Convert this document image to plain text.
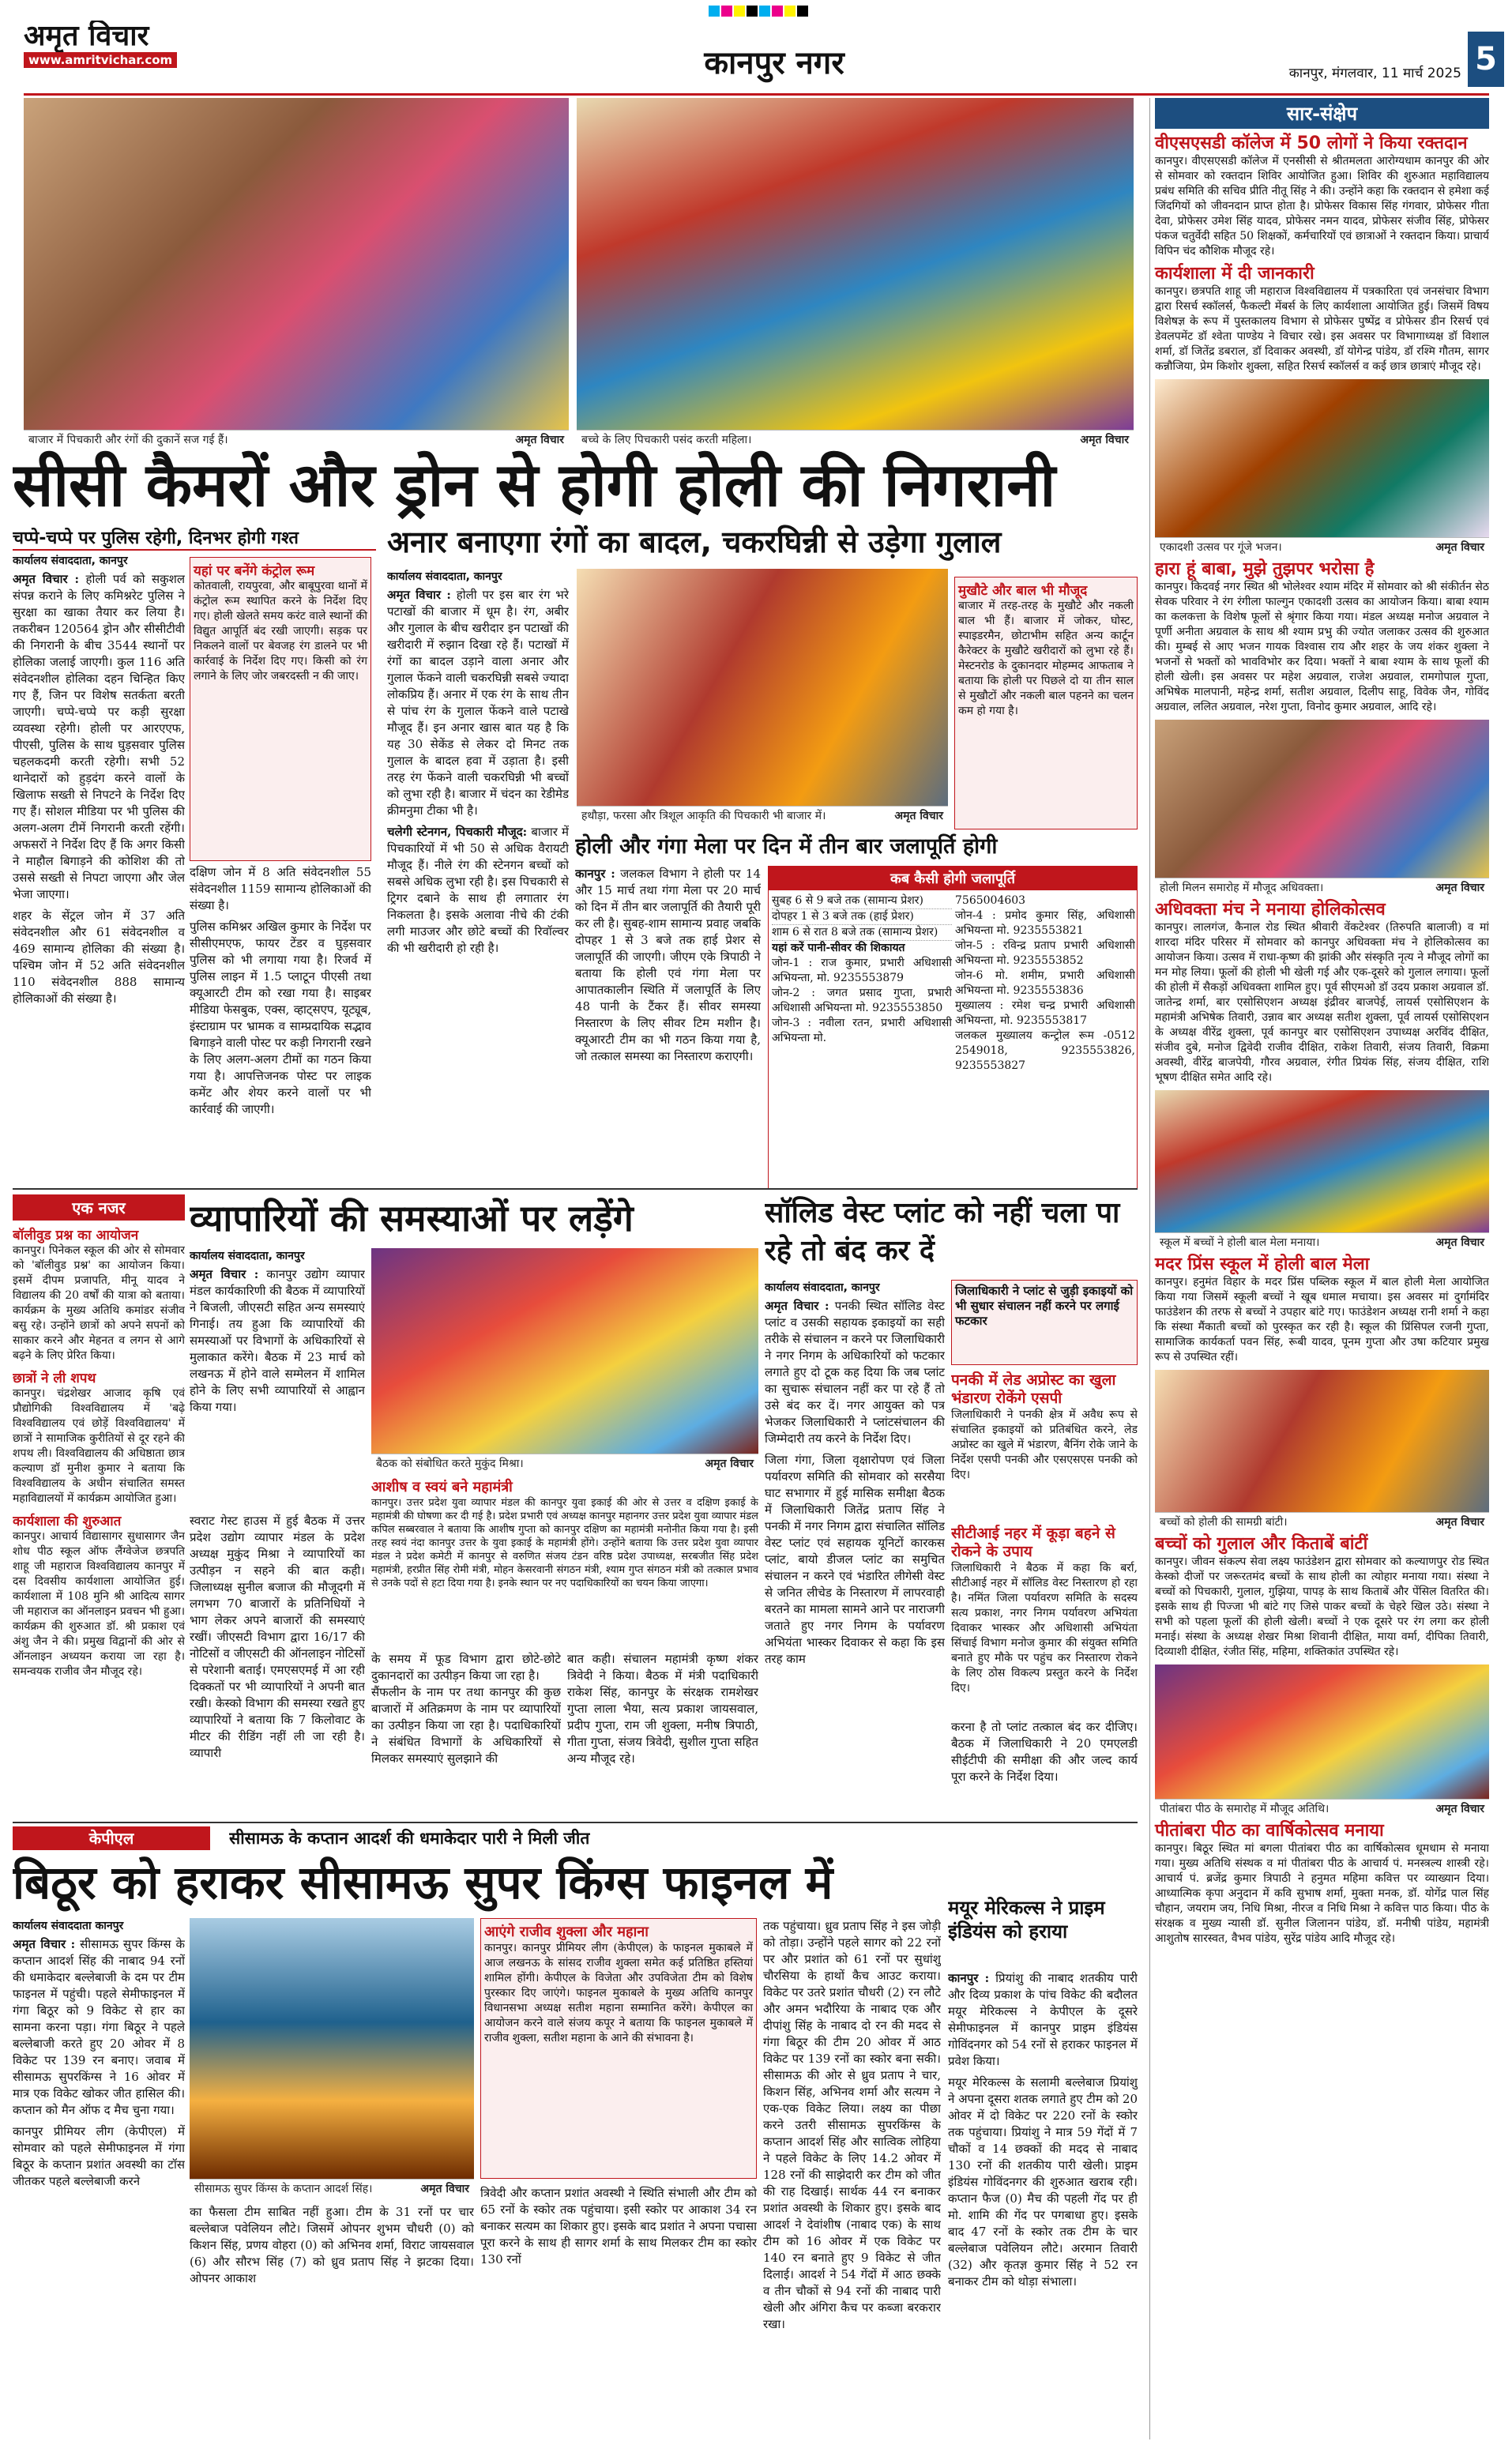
अमृत विचार
www.amritvichar.com	कानपुर नगर	कानपुर, मंगलवार, 11 मार्च 2025 5
बाजार में पिचकारी और रंगों की दुकानें सज गई हैं।	अमृत विचार	बच्चे के लिए पिचकारी पसंद करती महिला।	अमृत विचार
सीसी कैमरों और ड्रोन से होगी होली की निगरानी
चप्पे-चप्पे पर पुलिस रहेगी, दिनभर होगी गश्त
कार्यालय संवाददाता, कानपुर
अमृत विचार : होली पर्व को सकुशल संपन्न कराने के लिए कमिश्नरेट पुलिस ने सुरक्षा का खाका तैयार कर लिया है। तकरीबन 120564 ड्रोन और सीसीटीवी की निगरानी के बीच 3544 स्थानों पर होलिका जलाई जाएगी। कुल 116 अति संवेदनशील होलिका दहन चिन्हित किए गए हैं, जिन पर विशेष सतर्कता बरती जाएगी। चप्पे-चप्पे पर कड़ी सुरक्षा व्यवस्था रहेगी। होली पर आरएएफ, पीएसी, पुलिस के साथ घुड़सवार पुलिस चहलकदमी करती रहेगी। सभी 52 थानेदारों को हुड़दंग करने वालों के खिलाफ सख्ती से निपटने के निर्देश दिए गए हैं। सोशल मीडिया पर भी पुलिस की अलग-अलग टीमें निगरानी करती रहेंगी। अफसरों ने निर्देश दिए हैं कि अगर किसी ने माहौल बिगाड़ने की कोशिश की तो उससे सख्ती से निपटा जाएगा और जेल भेजा जाएगा।
शहर के सेंट्रल जोन में 37 अति संवेदनशील और 61 संवेदनशील व 469 सामान्य होलिका की संख्या है। पश्चिम जोन में 52 अति संवेदनशील 110 संवेदनशील 888 सामान्य होलिकाओं की संख्या है।
यहां पर बनेंगे कंट्रोल रूम
कोतवाली, रायपुरवा, और बाबूपुरवा थानों में कंट्रोल रूम स्थापित करने के निर्देश दिए गए। होली खेलते समय करंट वाले स्थानों की विद्युत आपूर्ति बंद रखी जाएगी। सड़क पर निकलने वालों पर बेवजह रंग डालने पर भी कार्रवाई के निर्देश दिए गए। किसी को रंग लगाने के लिए जोर जबरदस्ती न की जाए।
दक्षिण जोन में 8 अति संवेदनशील 55 संवेदनशील 1159 सामान्य होलिकाओं की संख्या है।
पुलिस कमिश्नर अखिल कुमार के निर्देश पर सीसीएमएफ, फायर टेंडर व घुड़सवार पुलिस को भी लगाया गया है। रिजर्व में पुलिस लाइन में 1.5 प्लाटून पीएसी तथा क्यूआरटी टीम को रखा गया है। साइबर मीडिया फेसबुक, एक्स, व्हाट्सएप, यूट्यूब, इंस्टाग्राम पर भ्रामक व साम्प्रदायिक सद्भाव बिगाड़ने वाली पोस्ट पर कड़ी निगरानी रखने के लिए अलग-अलग टीमों का गठन किया गया है। आपत्तिजनक पोस्ट पर लाइक कमेंट और शेयर करने वालों पर भी कार्रवाई की जाएगी।
अनार बनाएगा रंगों का बादल, चकरघिन्नी से उड़ेगा गुलाल
कार्यालय संवाददाता, कानपुर
अमृत विचार : होली पर इस बार रंग भरे पटाखों की बाजार में धूम है। रंग, अबीर और गुलाल के बीच खरीदार इन पटाखों की खरीदारी में रुझान दिखा रहे हैं। पटाखों में रंगों का बादल उड़ाने वाला अनार और गुलाल फेंकने वाली चकरघिन्नी सबसे ज्यादा लोकप्रिय हैं। अनार में एक रंग के साथ तीन से पांच रंग के गुलाल फेंकने वाले पटाखे मौजूद हैं। इन अनार खास बात यह है कि यह 30 सेकेंड से लेकर दो मिनट तक गुलाल के बादल हवा में उड़ाता है। इसी तरह रंग फेंकने वाली चकरघिन्नी भी बच्चों को लुभा रही है। बाजार में चंदन का रेडीमेड क्रीमनुमा टीका भी है।
चलेगी स्टेनगन, पिचकारी मौजूद: बाजार में पिचकारियों में भी 50 से अधिक वैरायटी मौजूद हैं। नीले रंग की स्टेनगन बच्चों को सबसे अधिक लुभा रही है। इस पिचकारी से ट्रिगर दबाने के साथ ही लगातार रंग निकलता है। इसके अलावा नीचे की टंकी लगी माउजर और छोटे बच्चों की रिवॉल्वर की भी खरीदारी हो रही है।
हथौड़ा, फरसा और त्रिशूल आकृति की पिचकारी भी बाजार में।	अमृत विचार
मुखौटे और बाल भी मौजूद
बाजार में तरह-तरह के मुखौटे और नकली बाल भी हैं। बाजार में जोकर, घोस्ट, स्पाइडरमैन, छोटाभीम सहित अन्य कार्टून कैरेक्टर के मुखौटे खरीदारों को लुभा रहे हैं। मेस्टनरोड के दुकानदार मोहम्मद आफताब ने बताया कि होली पर पिछले दो या तीन साल से मुखौटों और नकली बाल पहनने का चलन कम हो गया है।
होली और गंगा मेला पर दिन में तीन बार जलापूर्ति होगी
कानपुर : जलकल विभाग ने होली पर 14 और 15 मार्च तथा गंगा मेला पर 20 मार्च को दिन में तीन बार जलापूर्ति की तैयारी पूरी कर ली है। सुबह-शाम सामान्य प्रवाह जबकि दोपहर 1 से 3 बजे तक हाई प्रेशर से जलापूर्ति की जाएगी। जीएम एके त्रिपाठी ने बताया कि होली एवं गंगा मेला पर आपातकालीन स्थिति में जलापूर्ति के लिए 48 पानी के टैंकर हैं। सीवर समस्या निस्तारण के लिए सीवर टिम मशीन है। क्यूआरटी टीम का भी गठन किया गया है, जो तत्काल समस्या का निस्तारण कराएगी।
कब कैसी होगी जलापूर्ति
सुबह 6 से 9 बजे तक (सामान्य प्रेशर)
दोपहर 1 से 3 बजे तक (हाई प्रेशर)
शाम 6 से रात 8 बजे तक (सामान्य प्रेशर)
यहां करें पानी-सीवर की शिकायत
जोन-1 : राज कुमार, प्रभारी अधिशासी अभियन्ता, मो. 9235553879
जोन-2 : जगत प्रसाद गुप्ता, प्रभारी अधिशासी अभियन्ता मो. 9235553850
जोन-3 : नवीला रतन, प्रभारी अधिशासी अभियन्ता मो.
7565004603
जोन-4 : प्रमोद कुमार सिंह, अधिशासी अभियन्ता मो. 9235553821
जोन-5 : रविन्द्र प्रताप प्रभारी अधिशासी अभियन्ता मो. 9235553852
जोन-6 मो. शमीम, प्रभारी अधिशासी अभियन्ता मो. 9235553836
मुख्यालय : रमेश चन्द्र प्रभारी अधिशासी अभियन्ता, मो. 9235553817
जलकल मुख्यालय कन्ट्रोल रूम -0512 2549018, 9235553826, 9235553827
एक नजर
बॉलीवुड प्रश्न का आयोजन
कानपुर। पिनेकल स्कूल की ओर से सोमवार को 'बॉलीवुड प्रश्न' का आयोजन किया। इसमें दीपम प्रजापति, मीनू यादव ने विद्यालय की 20 वर्षों की यात्रा को बताया। कार्यक्रम के मुख्य अतिथि कमांडर संजीव बसु रहे। उन्होंने छात्रों को अपने सपनों को साकार करने और मेहनत व लगन से आगे बढ़ने के लिए प्रेरित किया।
छात्रों ने ली शपथ
कानपुर। चंद्रशेखर आजाद कृषि एवं प्रौद्योगिकी विश्वविद्यालय में 'बढ़े विश्वविद्यालय एवं छोड़ें विश्वविद्यालय' में छात्रों ने सामाजिक कुरीतियों से दूर रहने की शपथ ली। विश्वविद्यालय की अधिष्ठाता छात्र कल्याण डॉ मुनीश कुमार ने बताया कि विश्वविद्यालय के अधीन संचालित समस्त महाविद्यालयों में कार्यक्रम आयोजित हुआ।
कार्यशाला की शुरुआत
कानपुर। आचार्य विद्यासागर सुधासागर जैन शोध पीठ स्कूल ऑफ लैंग्वेजेज छत्रपति शाहू जी महाराज विश्वविद्यालय कानपुर में दस दिवसीय कार्यशाला आयोजित हुई। कार्यशाला में 108 मुनि श्री आदित्य सागर जी महाराज का ऑनलाइन प्रवचन भी हुआ। कार्यक्रम की शुरुआत डॉ. श्री प्रकाश एवं अंशु जैन ने की। प्रमुख विद्वानों की ओर से ऑनलाइन अध्ययन कराया जा रहा है। समन्वयक राजीव जैन मौजूद रहे।
व्यापारियों की समस्याओं पर लड़ेंगे
कार्यालय संवाददाता, कानपुर
अमृत विचार : कानपुर उद्योग व्यापार मंडल कार्यकारिणी की बैठक में व्यापारियों ने बिजली, जीएसटी सहित अन्य समस्याएं गिनाई। तय हुआ कि व्यापारियों की समस्याओं पर विभागों के अधिकारियों से मुलाकात करेंगे। बैठक में 23 मार्च को लखनऊ में होने वाले सम्मेलन में शामिल होने के लिए सभी व्यापारियों से आह्वान किया गया।
बैठक को संबोधित करते मुकुंद मिश्रा।	अमृत विचार
स्वराट गेस्ट हाउस में हुई बैठक में उत्तर प्रदेश उद्योग व्यापार मंडल के प्रदेश अध्यक्ष मुकुंद मिश्रा ने व्यापारियों का उत्पीड़न न सहने की बात कही। जिलाध्यक्ष सुनील बजाज की मौजूदगी में लगभग 70 बाजारों के प्रतिनिधियों ने भाग लेकर अपने बाजारों की समस्याएं रखीं। जीएसटी विभाग द्वारा 16/17 की नोटिसों व जीएसटी की ऑनलाइन नोटिसों से परेशानी बताई। एमएसएमई में आ रही दिक्कतों पर भी व्यापारियों ने अपनी बात रखी। केस्को विभाग की समस्या रखते हुए व्यापारियों ने बताया कि 7 किलोवाट के मीटर की रीडिंग नहीं ली जा रही है। व्यापारी
आशीष व स्वयं बने महामंत्री
कानपुर। उत्तर प्रदेश युवा व्यापार मंडल की कानपुर युवा इकाई की ओर से उत्तर व दक्षिण इकाई के महामंत्री की घोषणा कर दी गई है। प्रदेश प्रभारी एवं अध्यक्ष कानपुर महानगर उत्तर प्रदेश युवा व्यापार मंडल कपिल सब्बरवाल ने बताया कि आशीष गुप्ता को कानपुर दक्षिण का महामंत्री मनोनीत किया गया है। इसी तरह स्वयं नंदा कानपुर उत्तर के युवा इकाई के महामंत्री होंगे। उन्होंने बताया कि उत्तर प्रदेश युवा व्यापार मंडल ने प्रदेश कमेटी में कानपुर से वरुणित संजय टंडन वरिष्ठ प्रदेश उपाध्यक्ष, सरबजीत सिंह प्रदेश महामंत्री, हरप्रीत सिंह रोमी मंत्री, मोहन केसरवानी संगठन मंत्री, श्याम गुप्त संगठन मंत्री को तत्काल प्रभाव से उनके पदों से हटा दिया गया है। इनके स्थान पर नए पदाधिकारियों का चयन किया जाएगा।
के समय में फूड विभाग द्वारा छोटे-छोटे दुकानदारों का उत्पीड़न किया जा रहा है।
सैंफलीन के नाम पर तथा कानपुर की कुछ बाजारों में अतिक्रमण के नाम पर व्यापारियों का उत्पीड़न किया जा रहा है। पदाधिकारियों ने संबंधित विभागों के अधिकारियों से मिलकर समस्याएं सुलझाने की
बात कही। संचालन महामंत्री कृष्ण शंकर त्रिवेदी ने किया। बैठक में मंत्री पदाधिकारी राकेश सिंह, कानपुर के संरक्षक रामशेखर गुप्ता लाला भैया, सत्य प्रकाश जायसवाल, प्रदीप गुप्ता, राम जी शुक्ला, मनीष त्रिपाठी, गीता गुप्ता, संजय त्रिवेदी, सुशील गुप्ता सहित अन्य मौजूद रहे।
सॉलिड वेस्ट प्लांट को नहीं चला पा रहे तो बंद कर दें
कार्यालय संवाददाता, कानपुर
अमृत विचार : पनकी स्थित सॉलिड वेस्ट प्लांट व उसकी सहायक इकाइयों का सही तरीके से संचालन न करने पर जिलाधिकारी ने नगर निगम के अधिकारियों को फटकार लगाते हुए दो टूक कह दिया कि जब प्लांट का सुचारू संचालन नहीं कर पा रहे हैं तो उसे बंद कर दें। नगर आयुक्त को पत्र भेजकर जिलाधिकारी ने प्लांटसंचालन की जिम्मेदारी तय करने के निर्देश दिए।
जिला गंगा, जिला वृक्षारोपण एवं जिला पर्यावरण समिति की सोमवार को सरसैया घाट सभागार में हुई मासिक समीक्षा बैठक में जिलाधिकारी जितेंद्र प्रताप सिंह ने पनकी में नगर निगम द्वारा संचालित सॉलिड वेस्ट प्लांट एवं सहायक यूनिटों कारकस प्लांट, बायो डीजल प्लांट का समुचित संचालन न करने एवं भंडारित लीगेसी वेस्ट से जनित लीचेड के निस्तारण में लापरवाही बरतने का मामला सामने आने पर नाराजगी जताते हुए नगर निगम के पर्यावरण अभियंता भास्कर दिवाकर से कहा कि इस तरह काम
जिलाधिकारी ने प्लांट से जुड़ी इकाइयों को भी सुधार संचालन नहीं करने पर लगाई फटकार
पनकी में लेड अप्रोस्ट का खुला भंडारण रोकेंगे एसपी
जिलाधिकारी ने पनकी क्षेत्र में अवैध रूप से संचालित इकाइयों को प्रतिबंधित करने, लेड अप्रोस्ट का खुले में भंडारण, बैनिंग रोके जाने के निर्देश एसपी पनकी और एसएसएस पनकी को दिए।
सीटीआई नहर में कूड़ा बहने से रोकने के उपाय
जिलाधिकारी ने बैठक में कहा कि बर्रा, सीटीआई नहर में सॉलिड वेस्ट निस्तारण हो रहा है। नमिंत जिला पर्यावरण समिति के सदस्य सत्य प्रकाश, नगर निगम पर्यावरण अभियंता दिवाकर भास्कर और अधिशासी अभियंता सिंचाई विभाग मनोज कुमार की संयुक्त समिति बनाते हुए मौके पर पहुंच कर निस्तारण रोकने के लिए ठोस विकल्प प्रस्तुत करने के निर्देश दिए।
करना है तो प्लांट तत्काल बंद कर दीजिए। बैठक में जिलाधिकारी ने 20 एमएलडी सीईटीपी की समीक्षा की और जल्द कार्य पूरा करने के निर्देश दिया।
केपीएल	सीसामऊ के कप्तान आदर्श की धमाकेदार पारी ने मिली जीत
बिठूर को हराकर सीसामऊ सुपर किंग्स फाइनल में
कार्यालय संवाददाता कानपुर
अमृत विचार : सीसामऊ सुपर किंग्स के कप्तान आदर्श सिंह की नाबाद 94 रनों की धमाकेदार बल्लेबाजी के दम पर टीम फाइनल में पहुंची। पहले सेमीफाइनल में गंगा बिठूर को 9 विकेट से हार का सामना करना पड़ा। गंगा बिठूर ने पहले बल्लेबाजी करते हुए 20 ओवर में 8 विकेट पर 139 रन बनाए। जवाब में सीसामऊ सुपरकिंग्स ने 16 ओवर में मात्र एक विकेट खोकर जीत हासिल की। कप्तान को मैन ऑफ द मैच चुना गया।
कानपुर प्रीमियर लीग (केपीएल) में सोमवार को पहले सेमीफाइनल में गंगा बिठूर के कप्तान प्रशांत अवस्थी का टॉस जीतकर पहले बल्लेबाजी करने
सीसामऊ सुपर किंग्स के कप्तान आदर्श सिंह।	अमृत विचार
का फैसला टीम साबित नहीं हुआ। टीम के 31 रनों पर चार बल्लेबाज पवेलियन लौटे। जिसमें ओपनर शुभम चौधरी (0) को किशन सिंह, प्रणय वोहरा (0) को अभिनव शर्मा, विराट जायसवाल (6) और सौरभ सिंह (7) को ध्रुव प्रताप सिंह ने झटका दिया। ओपनर आकाश
आएंगे राजीव शुक्ला और महाना
कानपुर। कानपुर प्रीमियर लीग (केपीएल) के फाइनल मुकाबले में आज लखनऊ के सांसद राजीव शुक्ला समेत कई प्रतिष्ठित हस्तियां शामिल होंगी। केपीएल के विजेता और उपविजेता टीम को विशेष पुरस्कार दिए जाएंगे। फाइनल मुकाबले के मुख्य अतिथि कानपुर विधानसभा अध्यक्ष सतीश महाना सम्मानित करेंगे। केपीएल का आयोजन करने वाले संजय कपूर ने बताया कि फाइनल मुकाबले में राजीव शुक्ला, सतीश महाना के आने की संभावना है।
त्रिवेदी और कप्तान प्रशांत अवस्थी ने स्थिति संभाली और टीम को 65 रनों के स्कोर तक पहुंचाया। इसी स्कोर पर आकाश 34 रन बनाकर सत्यम का शिकार हुए। इसके बाद प्रशांत ने अपना पचासा पूरा करने के साथ ही सागर शर्मा के साथ मिलकर टीम का स्कोर 130 रनों
तक पहुंचाया। ध्रुव प्रताप सिंह ने इस जोड़ी को तोड़ा। उन्होंने पहले सागर को 22 रनों पर और प्रशांत को 61 रनों पर सुधांशु चौरसिया के हाथों कैच आउट कराया। विकेट पर उतरे प्रशांत चौधरी (2) रन लौटे और अमन भदौरिया के नाबाद एक और दीपांशु सिंह के नाबाद दो रन की मदद से गंगा बिठूर की टीम 20 ओवर में आठ विकेट पर 139 रनों का स्कोर बना सकी। सीसामऊ की ओर से ध्रुव प्रताप ने चार, किशन सिंह, अभिनव शर्मा और सत्यम ने एक-एक विकेट लिया। लक्ष्य का पीछा करने उतरी सीसामऊ सुपरकिंग्स के कप्तान आदर्श सिंह और सात्विक लोहिया ने पहले विकेट के लिए 14.2 ओवर में 128 रनों की साझेदारी कर टीम को जीत की राह दिखाई। सार्थक 44 रन बनाकर प्रशांत अवस्थी के शिकार हुए। इसके बाद आदर्श ने देवांशीष (नाबाद एक) के साथ टीम को 16 ओवर में एक विकेट पर 140 रन बनाते हुए 9 विकेट से जीत दिलाई। आदर्श ने 54 गेंदों में आठ छक्के व तीन चौकों से 94 रनों की नाबाद पारी खेली और अंगिरा कैच पर कब्जा बरकरार रखा।
मयूर मेरिकल्स ने प्राइम इंडियंस को हराया
कानपुर : प्रियांशु की नाबाद शतकीय पारी और दिव्य प्रकाश के पांच विकेट की बदौलत मयूर मेरिकल्स ने केपीएल के दूसरे सेमीफाइनल में कानपुर प्राइम इंडियंस गोविंदनगर को 54 रनों से हराकर फाइनल में प्रवेश किया।
मयूर मेरिकल्स के सलामी बल्लेबाज प्रियांशु ने अपना दूसरा शतक लगाते हुए टीम को 20 ओवर में दो विकेट पर 220 रनों के स्कोर तक पहुंचाया। प्रियांशु ने मात्र 59 गेंदों में 7 चौकों व 14 छक्कों की मदद से नाबाद 130 रनों की शतकीय पारी खेली। प्राइम इंडियंस गोविंदनगर की शुरुआत खराब रही। कप्तान फैज (0) मैच की पहली गेंद पर ही मो. शामि की गेंद पर पगबाधा हुए। इसके बाद 47 रनों के स्कोर तक टीम के चार बल्लेबाज पवेलियन लौटे। अरमान तिवारी (32) और कृतज्ञ कुमार सिंह ने 52 रन बनाकर टीम को थोड़ा संभाला।
सार-संक्षेप
वीएसएसडी कॉलेज में 50 लोगों ने किया रक्तदान
कानपुर। वीएसएसडी कॉलेज में एनसीसी से श्रीतमलता आरोग्यधाम कानपुर की ओर से सोमवार को रक्तदान शिविर आयोजित हुआ। शिविर की शुरुआत महाविद्यालय प्रबंध समिति की सचिव प्रीति नीतू सिंह ने की। उन्होंने कहा कि रक्तदान से हमेशा कई जिंदगियों को जीवनदान प्राप्त होता है। प्रोफेसर विकास सिंह गंगवार, प्रोफेसर गीता देवा, प्रोफेसर उमेश सिंह यादव, प्रोफेसर नमन यादव, प्रोफेसर संजीव सिंह, प्रोफेसर पंकज चतुर्वेदी सहित 50 शिक्षकों, कर्मचारियों एवं छात्राओं ने रक्तदान किया। प्राचार्य विपिन चंद कौशिक मौजूद रहे।
कार्यशाला में दी जानकारी
कानपुर। छत्रपति शाहू जी महाराज विश्वविद्यालय में पत्रकारिता एवं जनसंचार विभाग द्वारा रिसर्च स्कॉलर्स, फैकल्टी मेंबर्स के लिए कार्यशाला आयोजित हुई। जिसमें विषय विशेषज्ञ के रूप में पुस्तकालय विभाग से प्रोफेसर पुष्पेंद्र व प्रोफेसर डीन रिसर्च एवं डेवलपमेंट डॉ श्वेता पाण्डेय ने विचार रखे। इस अवसर पर विभागाध्यक्ष डॉ विशाल शर्मा, डॉ जितेंद्र डबराल, डॉ दिवाकर अवस्थी, डॉ योगेन्द्र पांडेय, डॉ रश्मि गौतम, सागर कन्नौजिया, प्रेम किशोर शुक्ला, सहित रिसर्च स्कॉलर्स व कई छात्र छात्राएं मौजूद रहे।
एकादशी उत्सव पर गूंजे भजन।	अमृत विचार
हारा हूं बाबा, मुझे तुझपर भरोसा है
कानपुर। किदवई नगर स्थित श्री भोलेश्वर श्याम मंदिर में सोमवार को श्री संकीर्तन सेठ सेवक परिवार ने रंग रंगीला फाल्गुन एकादशी उत्सव का आयोजन किया। बाबा श्याम का कलकत्ता के विशेष फूलों से श्रृंगार किया गया। मंडल अध्यक्ष मनोज अग्रवाल ने पूर्णी अनीता अग्रवाल के साथ श्री श्याम प्रभु की ज्योत जलाकर उत्सव की शुरुआत की। मुम्बई से आए भजन गायक विश्वास राय और शहर के जय शंकर शुक्ला ने भजनों से भक्तों को भावविभोर कर दिया। भक्तों ने बाबा श्याम के साथ फूलों की होली खेली। इस अवसर पर महेश अग्रवाल, राजेश अग्रवाल, रामगोपाल गुप्ता, अभिषेक मालपानी, महेन्द्र शर्मा, सतीश अग्रवाल, दिलीप साहू, विवेक जैन, गोविंद अग्रवाल, ललित अग्रवाल, नरेश गुप्ता, विनोद कुमार अग्रवाल, आदि रहे।
होली मिलन समारोह में मौजूद अधिवक्ता।	अमृत विचार
अधिवक्ता मंच ने मनाया होलिकोत्सव
कानपुर। लालगंज, कैनाल रोड स्थित श्रीवारी वेंकटेश्वर (तिरुपति बालाजी) व मां शारदा मंदिर परिसर में सोमवार को कानपुर अधिवक्ता मंच ने होलिकोत्सव का आयोजन किया। उत्सव में राधा-कृष्ण की झांकी और संस्कृति नृत्य ने मौजूद लोगों का मन मोह लिया। फूलों की होली भी खेली गई और एक-दूसरे को गुलाल लगाया। फूलों की होली में सैकड़ों अधिवक्ता शामिल हुए। पूर्व सीएमओ डॉ उदय प्रकाश अग्रवाल डॉ. जातेन्द्र शर्मा, बार एसोसिएशन अध्यक्ष इंद्रीवर बाजपेई, लायर्स एसोसिएशन के महामंत्री अभिषेक तिवारी, उन्नाव बार अध्यक्ष सतीश शुक्ला, पूर्व लायर्स एसोसिएशन के अध्यक्ष वीरेंद्र शुक्ला, पूर्व कानपुर बार एसोसिएशन उपाध्यक्ष अरविंद दीक्षित, संजीव दुबे, मनोज द्विवेदी राजीव दीक्षित, राकेश तिवारी, संजय तिवारी, विक्रमा अवस्थी, वीरेंद्र बाजपेयी, गौरव अग्रवाल, रंगीत प्रियंक सिंह, संजय दीक्षित, राशि भूषण दीक्षित समेत आदि रहे।
स्कूल में बच्चों ने होली बाल मेला मनाया।	अमृत विचार
मदर प्रिंस स्कूल में होली बाल मेला
कानपुर। हनुमंत विहार के मदर प्रिंस पब्लिक स्कूल में बाल होली मेला आयोजित किया गया जिसमें स्कूली बच्चों ने खूब धमाल मचाया। इस अवसर मां दुर्गामंदिर फाउंडेशन की तरफ से बच्चों ने उपहार बांटे गए। फाउंडेशन अध्यक्ष रानी शर्मा ने कहा कि संस्था मैंकाती बच्चों को पुरस्कृत कर रही है। स्कूल की प्रिंसिपल रजनी गुप्ता, सामाजिक कार्यकर्ता पवन सिंह, रूबी यादव, पूनम गुप्ता और उषा कटियार प्रमुख रूप से उपस्थित रहीं।
बच्चों को होली की सामग्री बांटी।	अमृत विचार
बच्चों को गुलाल और किताबें बांटीं
कानपुर। जीवन संकल्प सेवा लक्ष्य फाउंडेशन द्वारा सोमवार को कल्याणपुर रोड स्थित केस्को दीजों पर जरूरतमंद बच्चों के साथ होली का त्योहार मनाया गया। संस्था ने बच्चों को पिचकारी, गुलाल, गुझिया, पापड़ के साथ किताबें और पेंसिल वितरित की। इसके साथ ही पिज्जा भी बांटे गए जिसे पाकर बच्चों के चेहरे खिल उठे। संस्था ने सभी को पहला फूलों की होली खेली। बच्चों ने एक दूसरे पर रंग लगा कर होली मनाई। संस्था के अध्यक्ष शेखर मिश्रा शिवानी दीक्षित, माया वर्मा, दीपिका तिवारी, दिव्याशी दीक्षित, रंजीत सिंह, महिमा, शक्तिकांत उपस्थित रहे।
पीतांबरा पीठ के समारोह में मौजूद अतिथि।	अमृत विचार
पीतांबरा पीठ का वार्षिकोत्सव मनाया
कानपुर। बिठूर स्थित मां बगला पीतांबरा पीठ का वार्षिकोत्सव धूमधाम से मनाया गया। मुख्य अतिथि संस्थक व मां पीतांबरा पीठ के आचार्य पं. मनस्त्रल्य शास्त्री रहे। आचार्य पं. ब्रजेंद्र कुमार त्रिपाठी ने हनुमत महिमा कवित्त पर व्याख्यान दिया। आध्यात्मिक कृपा अनुदान में कवि सुभाष शर्मा, मुक्ता मनक, डॉ. योगेंद्र पाल सिंह चौहान, जयराम जय, निधि मिश्रा, नीरज व निधि मिश्रा ने कवित्त पाठ किया। पीठ के संरक्षक व मुख्य न्यासी डॉ. सुनील जिलानन पांडेय, डॉ. मनीषी पांडेय, महामंत्री आशुतोष सारस्वत, वैभव पांडेय, सुरेंद्र पांडेय आदि मौजूद रहे।
